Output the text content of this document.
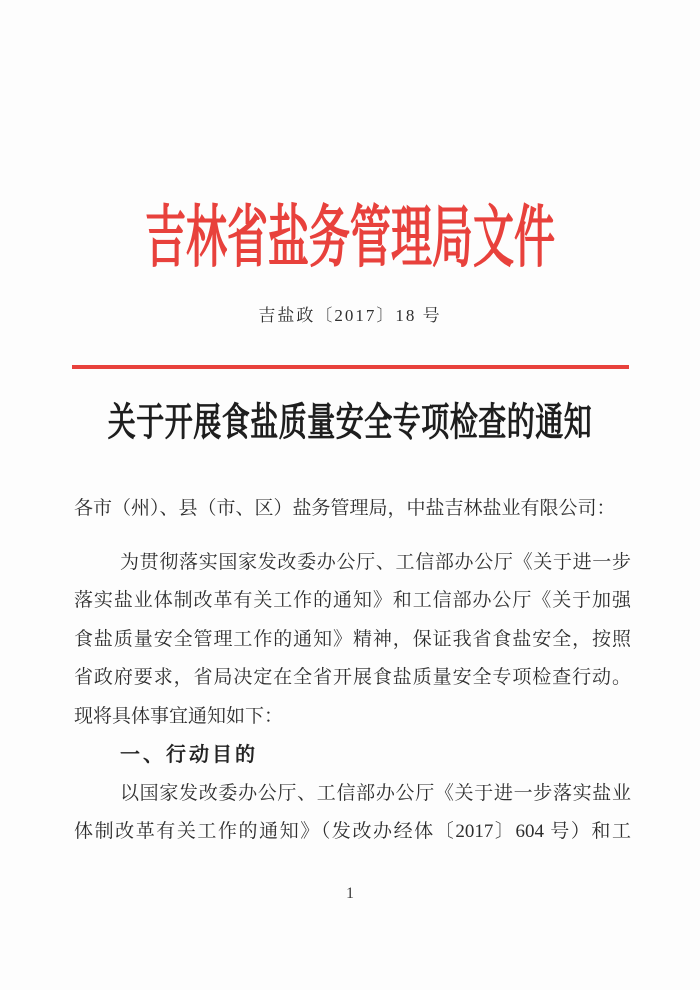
吉林省盐务管理局文件
吉盐政〔2017〕18 号
关于开展食盐质量安全专项检查的通知
各市（州）、县（市、区）盐务管理局，中盐吉林盐业有限公司：
为贯彻落实国家发改委办公厅、工信部办公厅《关于进一步
落实盐业体制改革有关工作的通知》和工信部办公厅《关于加强
食盐质量安全管理工作的通知》精神，保证我省食盐安全，按照
省政府要求，省局决定在全省开展食盐质量安全专项检查行动。
现将具体事宜通知如下：
一、行动目的
以国家发改委办公厅、工信部办公厅《关于进一步落实盐业
体制改革有关工作的通知》（发改办经体〔2017〕604 号）和工
1
